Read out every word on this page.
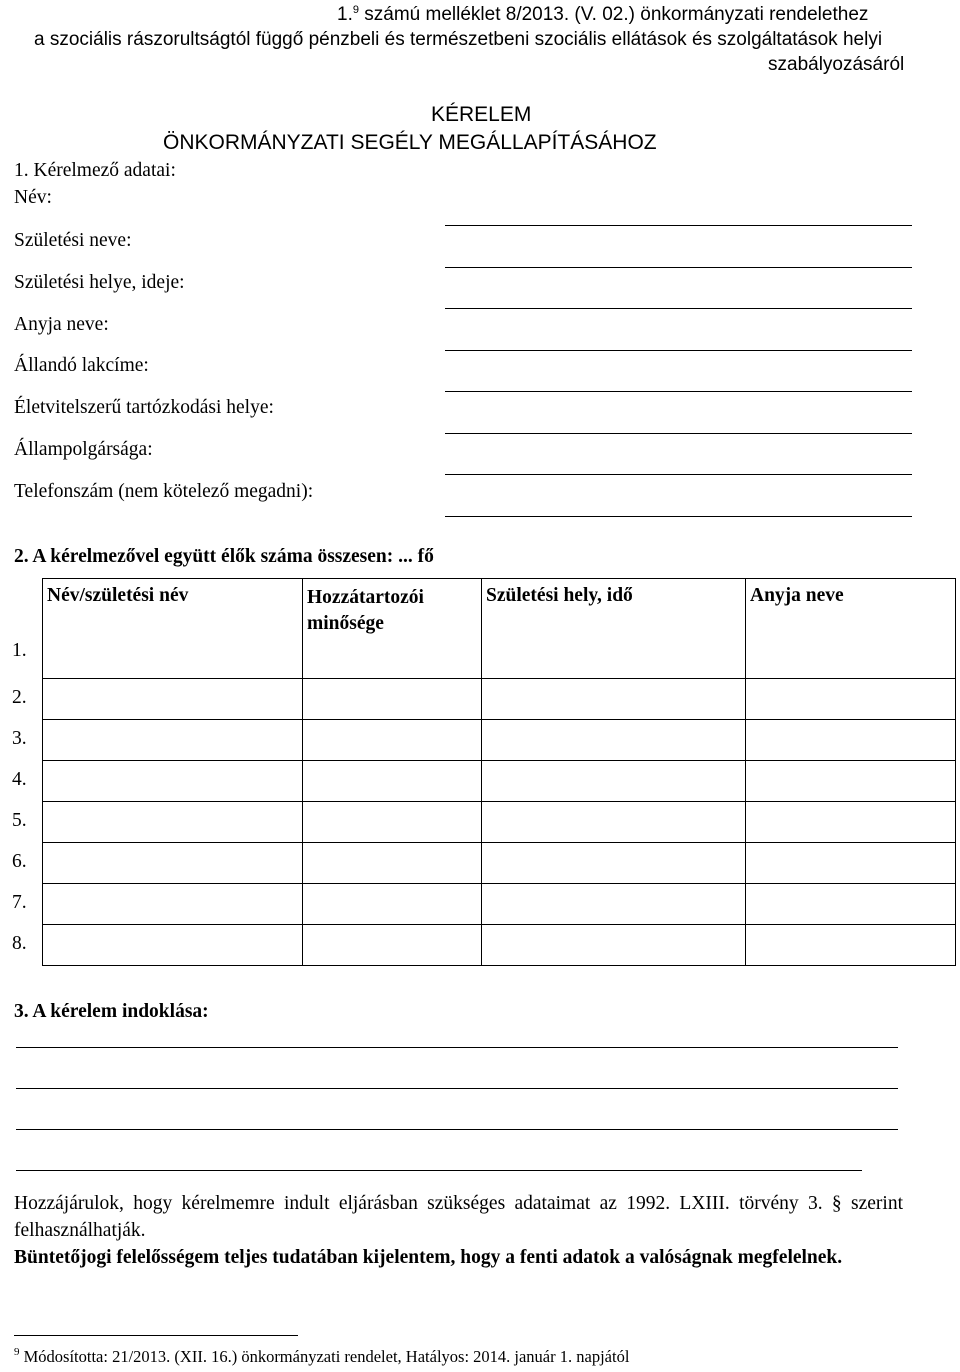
1.$^9$ számú melléklet 8/2013. (V. 02.) önkormányzati rendelethez
a szociális rászorultságtól függő pénzbeli és természetbeni szociális ellátások és szolgáltatások helyi
szabályozásáról
KÉRELEM
ÖNKORMÁNYZATI SEGÉLY MEGÁLLAPÍTÁSÁHOZ
1. Kérelmező adatai:
Név:
Születési neve:
Születési helye, ideje:
Anyja neve:
Állandó lakcíme:
Életvitelszerű tartózkodási helye:
Állampolgársága:
Telefonszám (nem kötelező megadni):
2. A kérelmezővel együtt élők száma összesen: ... fő
1.	Név/születési név	Hozzátartozói minősége	Születési hely, idő	Anyja neve

2.				

3.				

4.				

5.				

6.				

7.				

8.				

3. A kérelem indoklása:
Hozzájárulok, hogy kérelmemre indult eljárásban szükséges adataimat az 1992. LXIII. törvény 3. § szerint felhasználhatják.
Büntetőjogi felelősségem teljes tudatában kijelentem, hogy a fenti adatok a valóságnak megfelelnek.
$^9$ Módosította: 21/2013. (XII. 16.) önkormányzati rendelet, Hatályos: 2014. január 1. napjától
